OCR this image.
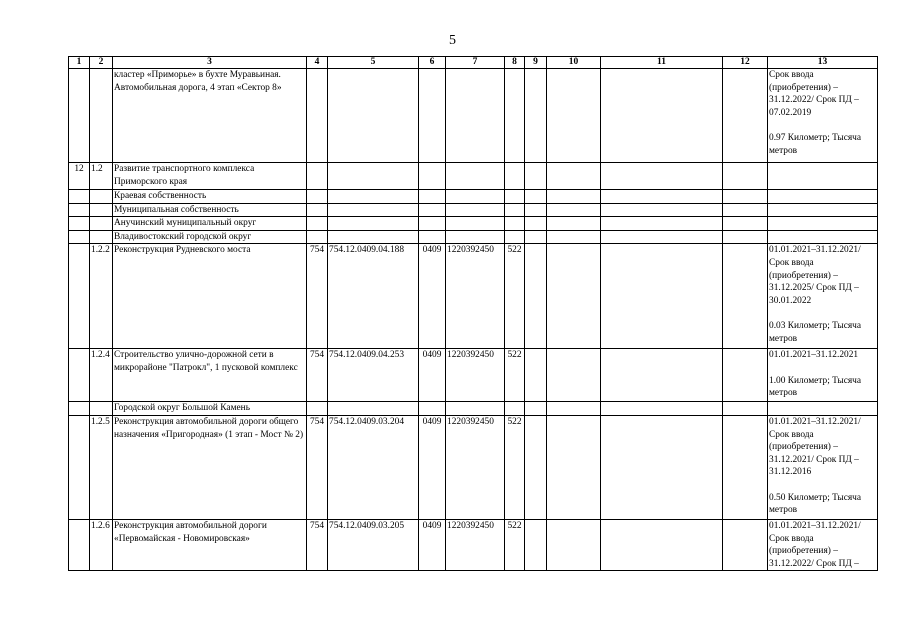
5
1	2	3	4	5	6	7	8	9	10	11	12	13
		кластер «Приморье» в бухте Муравьиная. Автомобильная дорога, 4 этап «Сектор 8»										Срок ввода (приобретения) – 31.12.2022/ Срок ПД – 07.02.2019
0.97 Километр; Тысяча метров

12	1.2	Развитие транспортного комплекса Приморского края										

		Краевая собственность										

		Муниципальная собственность										

		Анучинский муниципальный округ										

		Владивостокский городской округ										

	1.2.2	Реконструкция Рудневского моста	754	754.12.0409.04.188	0409	1220392450	522					01.01.2021–31.12.2021/ Срок ввода (приобретения) – 31.12.2025/ Срок ПД – 30.01.2022
0.03 Километр; Тысяча метров

	1.2.4	Строительство улично-дорожной сети в микрорайоне "Патрокл", 1 пусковой комплекс	754	754.12.0409.04.253	0409	1220392450	522					01.01.2021–31.12.2021
1.00 Километр; Тысяча метров

		Городской округ Большой Камень										

	1.2.5	Реконструкция автомобильной дороги общего назначения «Пригородная» (1 этап - Мост № 2)	754	754.12.0409.03.204	0409	1220392450	522					01.01.2021–31.12.2021/ Срок ввода (приобретения) – 31.12.2021/ Срок ПД – 31.12.2016
0.50 Километр; Тысяча метров

	1.2.6	Реконструкция автомобильной дороги «Первомайская - Новомировская»	754	754.12.0409.03.205	0409	1220392450	522					01.01.2021–31.12.2021/ Срок ввода (приобретения) – 31.12.2022/ Срок ПД –
